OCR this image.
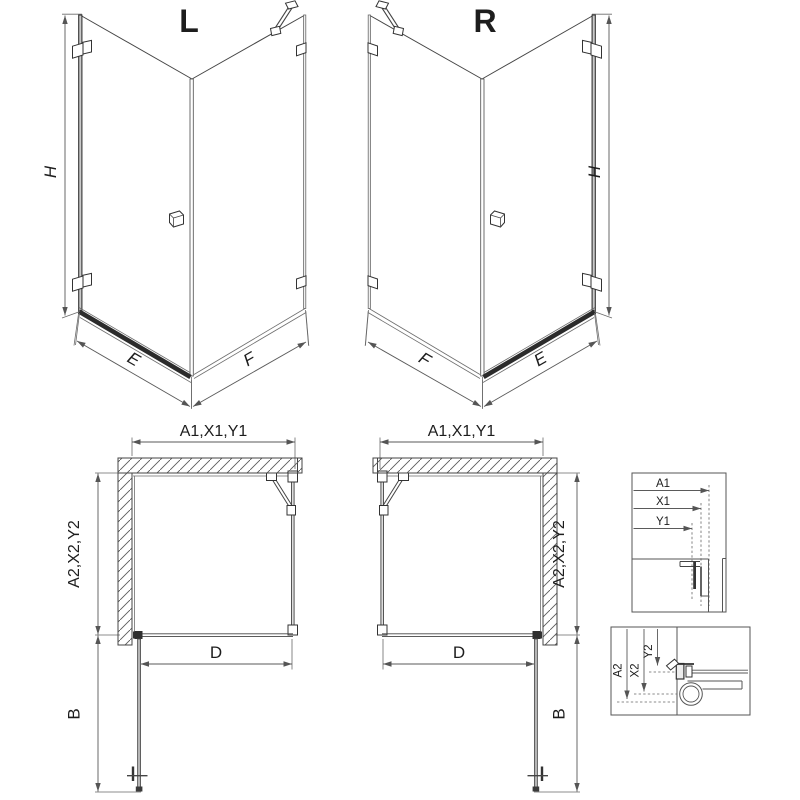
A1
X1
Y1
A2 X2
Y2
L	R
H	H
E	F	F	E
A1,X1,Y1	A1,X1,Y1
A2,X2,Y2	A2,X2,Y2
D	D
B	B
